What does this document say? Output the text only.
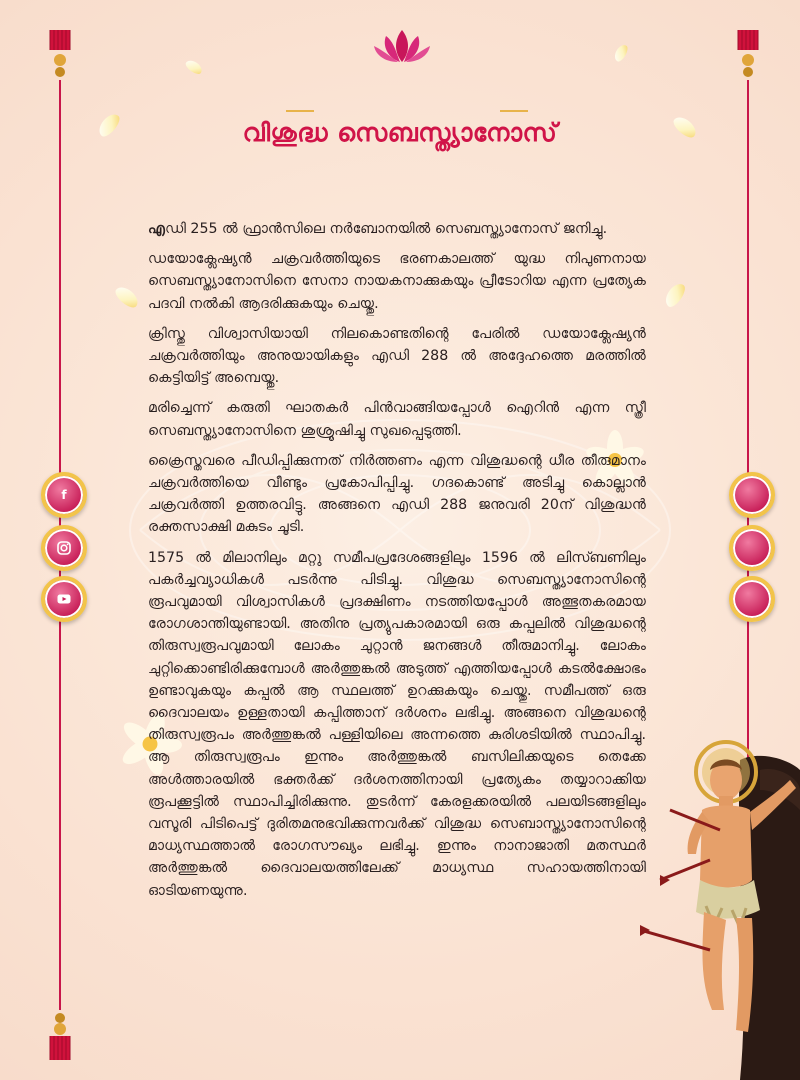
വിശുദ്ധ സെബസ്ത്യാനോസ്

എഡി 255 ൽ ഫ്രാൻസിലെ നർബോനയിൽ സെബസ്ത്യാനോസ് ജനിച്ചു.

ഡയോക്ലേഷ്യൻ ചക്രവർത്തിയുടെ ഭരണകാലത്ത് യുദ്ധ നിപുണനായ സെബസ്ത്യാനോസിനെ സേനാ നായകനാക്കുകയും പ്രീടോറിയ എന്ന പ്രത്യേക പദവി നൽകി ആദരിക്കുകയും ചെയ്തു.

ക്രിസ്തു വിശ്വാസിയായി നിലകൊണ്ടതിന്റെ പേരിൽ ഡയോക്ലേഷ്യൻ ചക്രവർത്തിയും അനുയായികളും എഡി 288 ൽ അദ്ദേഹത്തെ മരത്തിൽ കെട്ടിയിട്ട് അമ്പെയ്തു.

മരിച്ചെന്ന് കരുതി ഘാതകർ പിൻവാങ്ങിയപ്പോൾ ഐറിൻ എന്ന സ്ത്രീ സെബസ്ത്യാനോസിനെ ശുശ്രൂഷിച്ചു സുഖപ്പെടുത്തി.

ക്രൈസ്തവരെ പീഡിപ്പിക്കുന്നത് നിർത്തണം എന്ന വിശുദ്ധന്റെ ധീര തീരുമാനം ചക്രവർത്തിയെ വീണ്ടും പ്രകോപിപ്പിച്ചു. ഗദകൊണ്ട് അടിച്ചു കൊല്ലാൻ ചക്രവർത്തി ഉത്തരവിട്ടു. അങ്ങനെ എഡി 288 ജനുവരി 20ന് വിശുദ്ധൻ രക്തസാക്ഷി മകുടം ചൂടി.

1575 ൽ മിലാനിലും മറ്റു സമീപപ്രദേശങ്ങളിലും 1596 ൽ ലിസ്ബണിലും പകർച്ചവ്യാധികൾ പടർന്നു പിടിച്ചു. വിശുദ്ധ സെബസ്ത്യാനോസിന്റെ രൂപവുമായി വിശ്വാസികൾ പ്രദക്ഷിണം നടത്തിയപ്പോൾ അത്ഭുതകരമായ രോഗശാന്തിയുണ്ടായി. അതിനു പ്രത്യുപകാരമായി ഒരു കപ്പലിൽ വിശുദ്ധന്റെ തിരുസ്വരൂപവുമായി ലോകം ചുറ്റാൻ ജനങ്ങൾ തീരുമാനിച്ചു. ലോകം ചുറ്റിക്കൊണ്ടിരിക്കുമ്പോൾ അർത്തുങ്കൽ അടുത്ത് എത്തിയപ്പോൾ കടൽക്ഷോഭം ഉണ്ടാവുകയും കപ്പൽ ആ സ്ഥലത്ത് ഉറക്കുകയും ചെയ്തു. സമീപത്ത് ഒരു ദൈവാലയം ഉള്ളതായി കപ്പിത്താന് ദർശനം ലഭിച്ചു. അങ്ങനെ വിശുദ്ധന്റെ തിരുസ്വരൂപം അർത്തുങ്കൽ പള്ളിയിലെ അന്നത്തെ കുരിശടിയിൽ സ്ഥാപിച്ചു. ആ തിരുസ്വരൂപം ഇന്നും അർത്തുങ്കൽ ബസിലിക്കയുടെ തെക്കേ അൾത്താരയിൽ ഭക്തർക്ക് ദർശനത്തിനായി പ്രത്യേകം തയ്യാറാക്കിയ രൂപക്കൂട്ടിൽ സ്ഥാപിച്ചിരിക്കുന്നു. തുടർന്ന് കേരളക്കരയിൽ പലയിടങ്ങളിലും വസൂരി പിടിപെട്ട് ദുരിതമനുഭവിക്കുന്നവർക്ക് വിശുദ്ധ സെബാസ്ത്യാനോസിന്റെ മാധ്യസ്ഥത്താൽ രോഗസൗഖ്യം ലഭിച്ചു. ഇന്നും നാനാജാതി മതസ്ഥർ അർത്തുങ്കൽ ദൈവാലയത്തിലേക്ക് മാധ്യസ്ഥ സഹായത്തിനായി ഓടിയണയുന്നു.

f
